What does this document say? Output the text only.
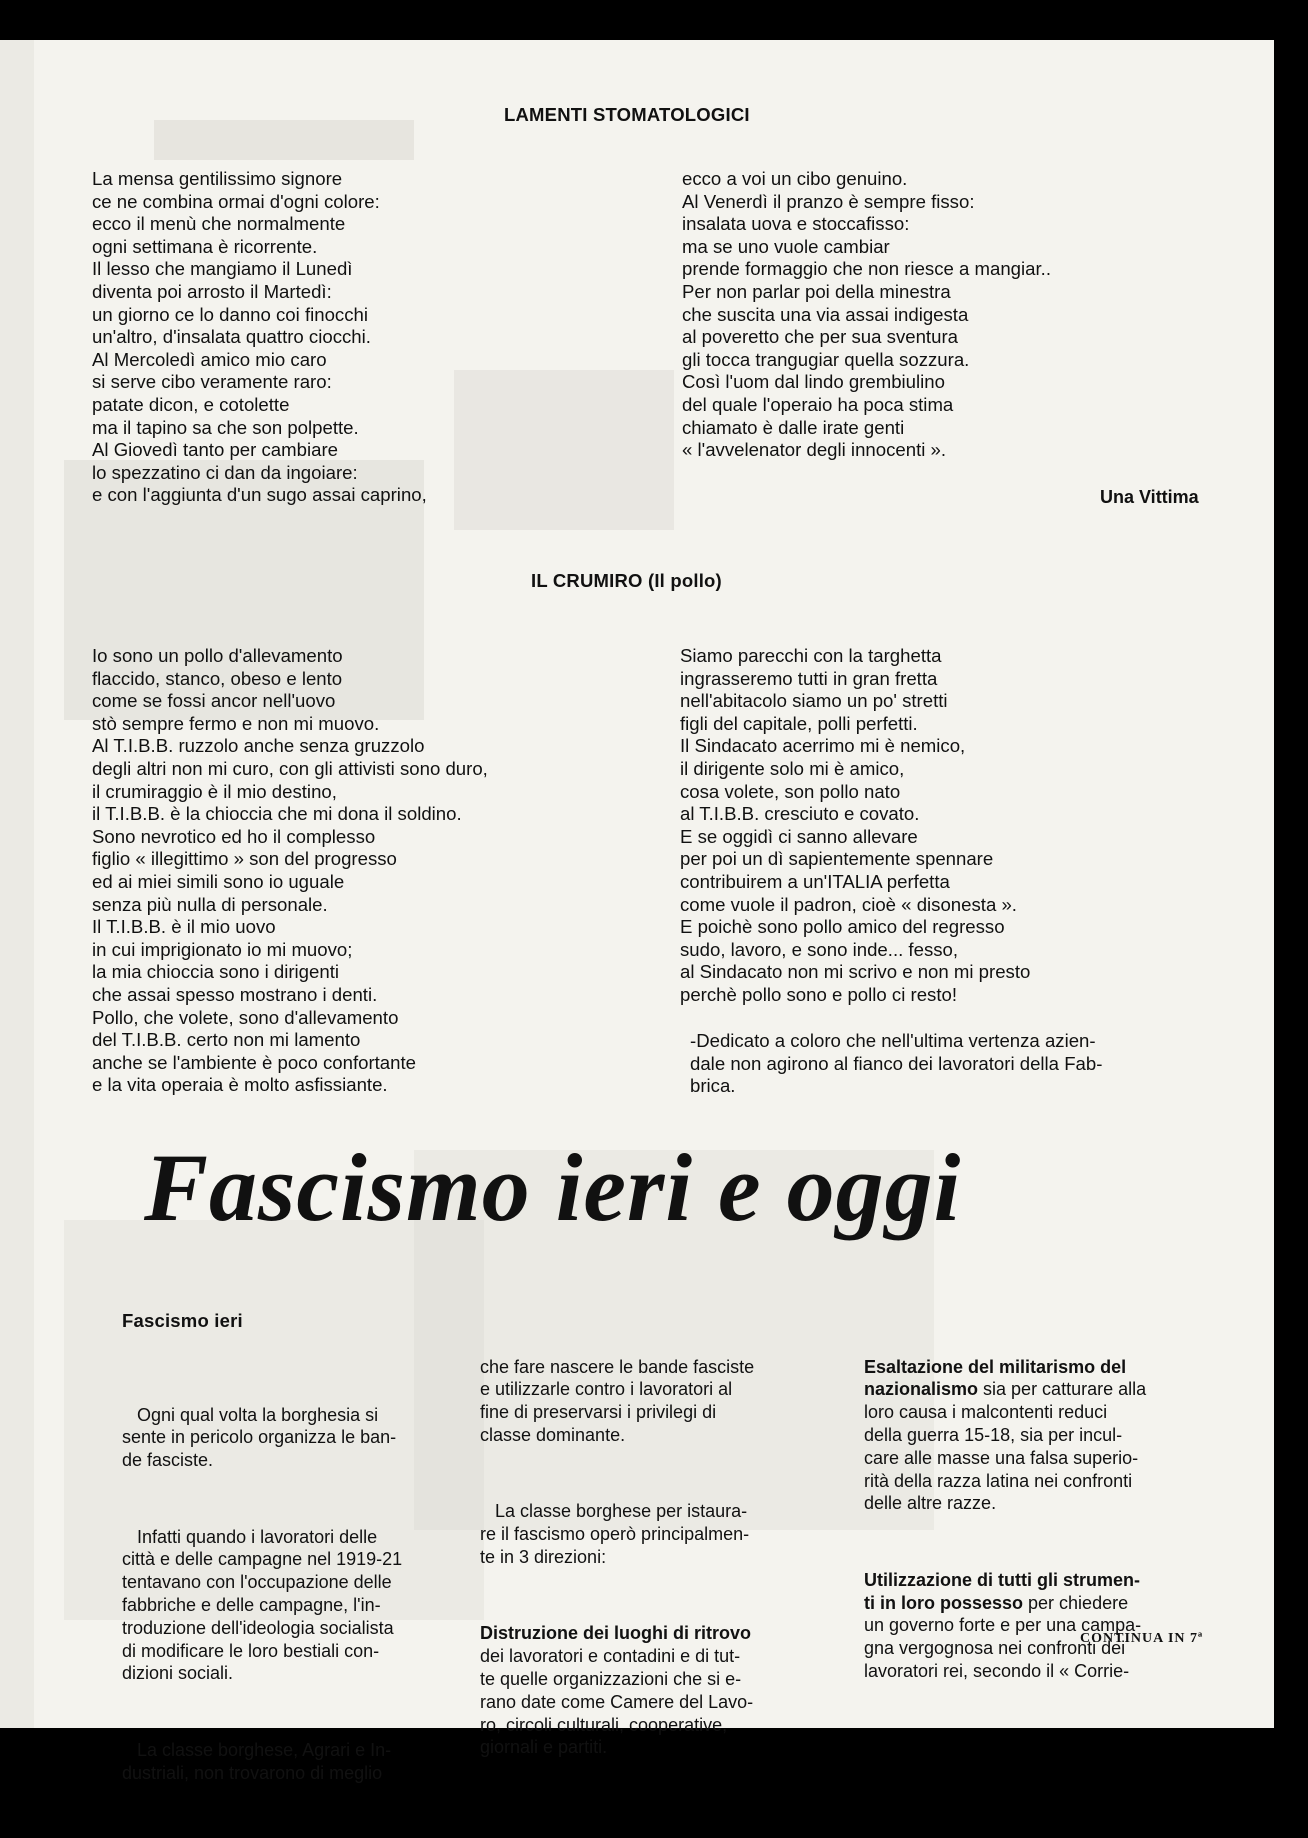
LAMENTI STOMATOLOGICI
La mensa gentilissimo signore
ce ne combina ormai d'ogni colore:
ecco il menù che normalmente
ogni settimana è ricorrente.
Il lesso che mangiamo il Lunedì
diventa poi arrosto il Martedì:
un giorno ce lo danno coi finocchi
un'altro, d'insalata quattro ciocchi.
Al Mercoledì amico mio caro
si serve cibo veramente raro:
patate dicon, e cotolette
ma il tapino sa che son polpette.
Al Giovedì tanto per cambiare
lo spezzatino ci dan da ingoiare:
e con l'aggiunta d'un sugo assai caprino,
ecco a voi un cibo genuino.
Al Venerdì il pranzo è sempre fisso:
insalata uova e stoccafisso:
ma se uno vuole cambiar
prende formaggio che non riesce a mangiar..
Per non parlar poi della minestra
che suscita una via assai indigesta
al poveretto che per sua sventura
gli tocca trangugiar quella sozzura.
Così l'uom dal lindo grembiulino
del quale l'operaio ha poca stima
chiamato è dalle irate genti
« l'avvelenator degli innocenti ».
Una Vittima
IL CRUMIRO (Il pollo)
Io sono un pollo d'allevamento
flaccido, stanco, obeso e lento
come se fossi ancor nell'uovo
stò sempre fermo e non mi muovo.
Al T.I.B.B. ruzzolo anche senza gruzzolo
degli altri non mi curo, con gli attivisti sono duro,
il crumiraggio è il mio destino,
il T.I.B.B. è la chioccia che mi dona il soldino.
Sono nevrotico ed ho il complesso
figlio « illegittimo » son del progresso
ed ai miei simili sono io uguale
senza più nulla di personale.
Il T.I.B.B. è il mio uovo
in cui imprigionato io mi muovo;
la mia chioccia sono i dirigenti
che assai spesso mostrano i denti.
Pollo, che volete, sono d'allevamento
del T.I.B.B. certo non mi lamento
anche se l'ambiente è poco confortante
e la vita operaia è molto asfissiante.
Siamo parecchi con la targhetta
ingrasseremo tutti in gran fretta
nell'abitacolo siamo un po' stretti
figli del capitale, polli perfetti.
Il Sindacato acerrimo mi è nemico,
il dirigente solo mi è amico,
cosa volete, son pollo nato
al T.I.B.B. cresciuto e covato.
E se oggidì ci sanno allevare
per poi un dì sapientemente spennare
contribuirem a un'ITALIA perfetta
come vuole il padron, cioè « disonesta ».
E poichè sono pollo amico del regresso
sudo, lavoro, e sono inde... fesso,
al Sindacato non mi scrivo e non mi presto
perchè pollo sono e pollo ci resto!
-Dedicato a coloro che nell'ultima vertenza azien-
dale non agirono al fianco dei lavoratori della Fab-
brica.
Fascismo ieri e oggi
Fascismo ieri

Ogni qual volta la borghesia si
sente in pericolo organizza le ban-
de fasciste.

Infatti quando i lavoratori delle
città e delle campagne nel 1919-21
tentavano con l'occupazione delle
fabbriche e delle campagne, l'in-
troduzione dell'ideologia socialista
di modificare le loro bestiali con-
dizioni sociali.

La classe borghese, Agrari e In-
dustriali, non trovarono di meglio

che fare nascere le bande fasciste
e utilizzarle contro i lavoratori al
fine di preservarsi i privilegi di
classe dominante.

La classe borghese per istaura-
re il fascismo operò principalmen-
te in 3 direzioni:

Distruzione dei luoghi di ritrovo
dei lavoratori e contadini e di tut-
te quelle organizzazioni che si e-
rano date come Camere del Lavo-
ro, circoli culturali, cooperative,
giornali e partiti.

Esaltazione del militarismo del
nazionalismo sia per catturare alla
loro causa i malcontenti reduci
della guerra 15-18, sia per incul-
care alle masse una falsa superio-
rità della razza latina nei confronti
delle altre razze.

Utilizzazione di tutti gli strumen-
ti in loro possesso per chiedere
un governo forte e per una campa-
gna vergognosa nei confronti dei
lavoratori rei, secondo il « Corrie-

CONTINUA IN 7ª
